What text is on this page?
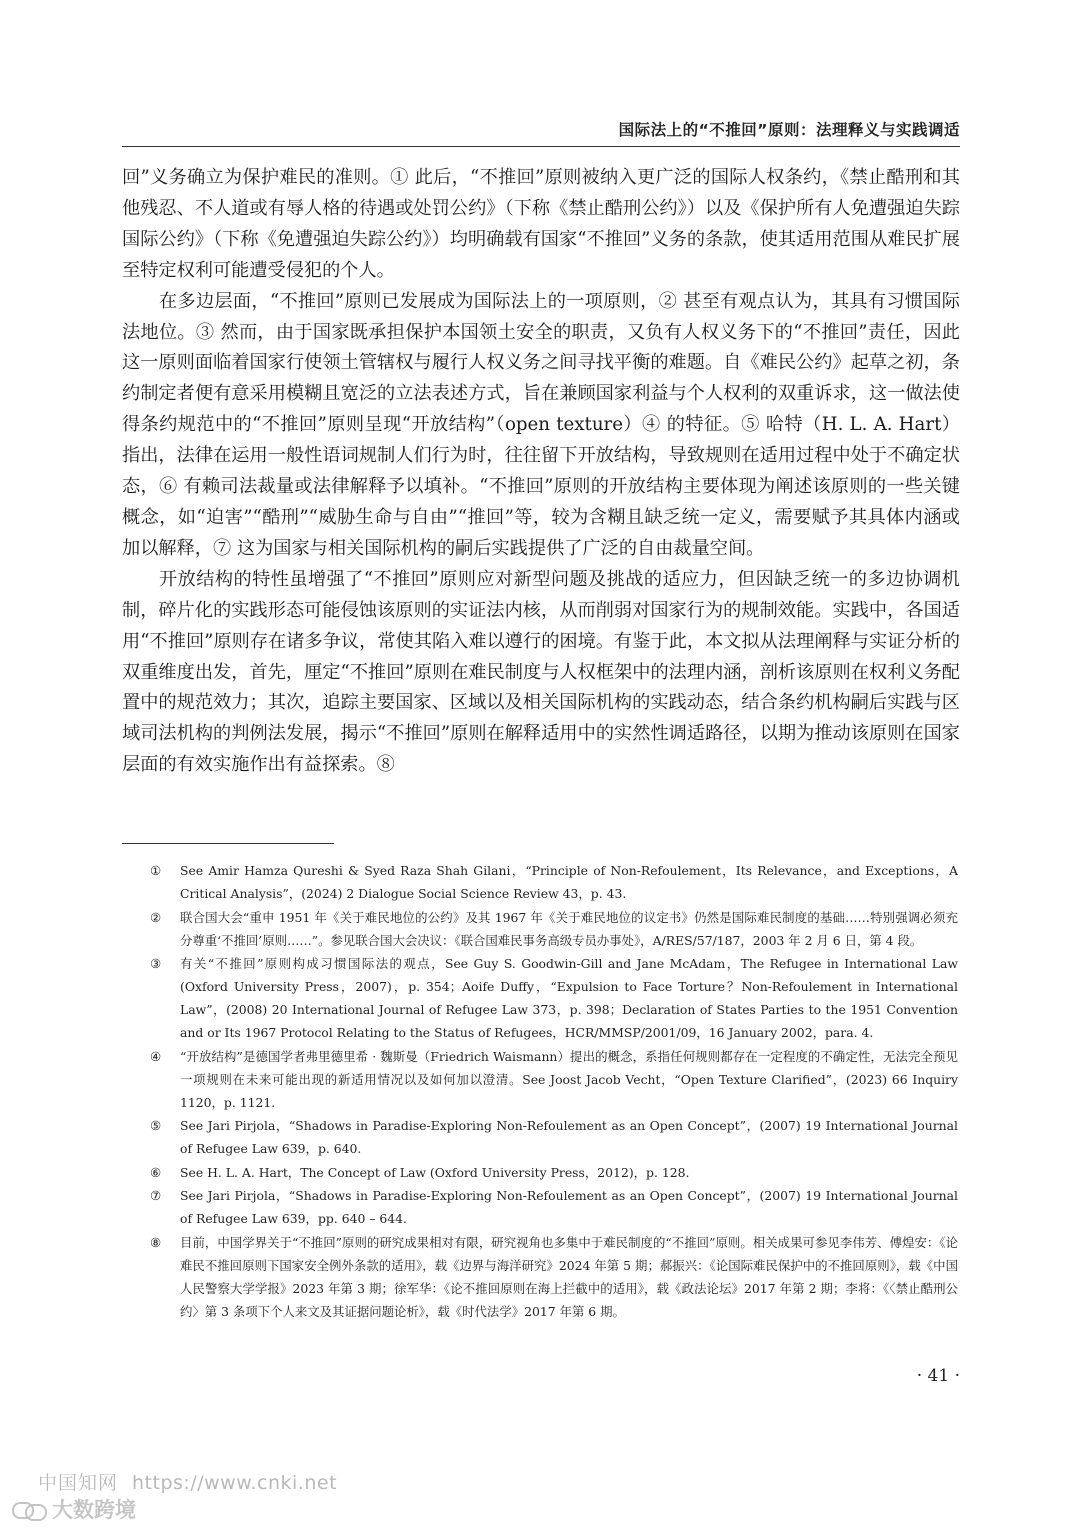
国际法上的“不推回”原则：法理释义与实践调适

回”义务确立为保护难民的准则。① 此后，“不推回”原则被纳入更广泛的国际人权条约，《禁止酷刑和其他残忍、不人道或有辱人格的待遇或处罚公约》（下称《禁止酷刑公约》）以及《保护所有人免遭强迫失踪国际公约》（下称《免遭强迫失踪公约》）均明确载有国家“不推回”义务的条款，使其适用范围从难民扩展至特定权利可能遭受侵犯的个人。

在多边层面，“不推回”原则已发展成为国际法上的一项原则，② 甚至有观点认为，其具有习惯国际法地位。③ 然而，由于国家既承担保护本国领土安全的职责，又负有人权义务下的“不推回”责任，因此这一原则面临着国家行使领土管辖权与履行人权义务之间寻找平衡的难题。自《难民公约》起草之初，条约制定者便有意采用模糊且宽泛的立法表述方式，旨在兼顾国家利益与个人权利的双重诉求，这一做法使得条约规范中的“不推回”原则呈现“开放结构”（open texture）④ 的特征。⑤ 哈特（H. L. A. Hart）指出，法律在运用一般性语词规制人们行为时，往往留下开放结构，导致规则在适用过程中处于不确定状态，⑥ 有赖司法裁量或法律解释予以填补。“不推回”原则的开放结构主要体现为阐述该原则的一些关键概念，如“迫害”“酷刑”“威胁生命与自由”“推回”等，较为含糊且缺乏统一定义，需要赋予其具体内涵或加以解释，⑦ 这为国家与相关国际机构的嗣后实践提供了广泛的自由裁量空间。

开放结构的特性虽增强了“不推回”原则应对新型问题及挑战的适应力，但因缺乏统一的多边协调机制，碎片化的实践形态可能侵蚀该原则的实证法内核，从而削弱对国家行为的规制效能。实践中，各国适用“不推回”原则存在诸多争议，常使其陷入难以遵行的困境。有鉴于此，本文拟从法理阐释与实证分析的双重维度出发，首先，厘定“不推回”原则在难民制度与人权框架中的法理内涵，剖析该原则在权利义务配置中的规范效力；其次，追踪主要国家、区域以及相关国际机构的实践动态，结合条约机构嗣后实践与区域司法机构的判例法发展，揭示“不推回”原则在解释适用中的实然性调适路径，以期为推动该原则在国家层面的有效实施作出有益探索。⑧

①	See Amir Hamza Qureshi & Syed Raza Shah Gilani，“Principle of Non-Refoulement，Its Relevance，and Exceptions，A Critical Analysis”，(2024) 2 Dialogue Social Science Review 43，p. 43.
②	联合国大会“重申 1951 年《关于难民地位的公约》及其 1967 年《关于难民地位的议定书》仍然是国际难民制度的基础……特别强调必须充分尊重‘不推回’原则……”。参见联合国大会决议：《联合国难民事务高级专员办事处》，A/RES/57/187，2003 年 2 月 6 日，第 4 段。
③	有关“不推回”原则构成习惯国际法的观点，See Guy S. Goodwin-Gill and Jane McAdam，The Refugee in International Law (Oxford University Press，2007)，p. 354；Aoife Duffy，“Expulsion to Face Torture？Non-Refoulement in International Law”，(2008) 20 International Journal of Refugee Law 373，p. 398；Declaration of States Parties to the 1951 Convention and or Its 1967 Protocol Relating to the Status of Refugees，HCR/MMSP/2001/09，16 January 2002，para. 4.
④	“开放结构”是德国学者弗里德里希 · 魏斯曼（Friedrich Waismann）提出的概念，系指任何规则都存在一定程度的不确定性，无法完全预见一项规则在未来可能出现的新适用情况以及如何加以澄清。See Joost Jacob Vecht，“Open Texture Clarified”，(2023) 66 Inquiry 1120，p. 1121.
⑤	See Jari Pirjola，“Shadows in Paradise-Exploring Non-Refoulement as an Open Concept”，(2007) 19 International Journal of Refugee Law 639，p. 640.
⑥	See H. L. A. Hart，The Concept of Law (Oxford University Press，2012)，p. 128.
⑦	See Jari Pirjola，“Shadows in Paradise-Exploring Non-Refoulement as an Open Concept”，(2007) 19 International Journal of Refugee Law 639，pp. 640 – 644.
⑧	目前，中国学界关于“不推回”原则的研究成果相对有限，研究视角也多集中于难民制度的“不推回”原则。相关成果可参见李伟芳、傅煌安：《论难民不推回原则下国家安全例外条款的适用》，载《边界与海洋研究》2024 年第 5 期；郝振兴：《论国际难民保护中的不推回原则》，载《中国人民警察大学学报》2023 年第 3 期；徐军华：《论不推回原则在海上拦截中的适用》，载《政法论坛》2017 年第 2 期；李将：《〈禁止酷刑公约〉第 3 条项下个人来文及其证据问题论析》，载《时代法学》2017 年第 6 期。
· 41 ·
中国知网 https://www.cnki.net
大数跨境
